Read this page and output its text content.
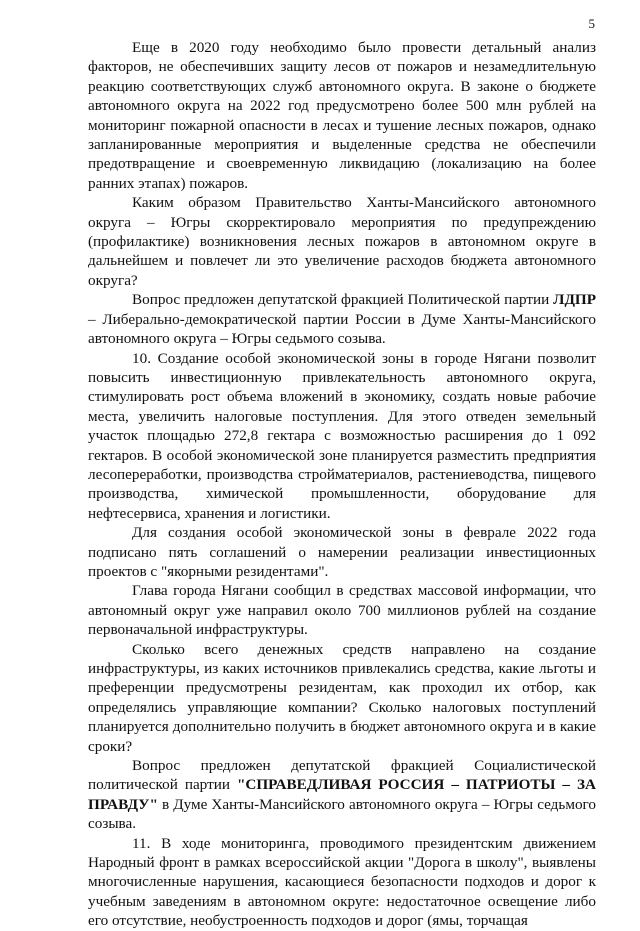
5

Еще в 2020 году необходимо было провести детальный анализ факторов, не обеспечивших защиту лесов от пожаров и незамедлительную реакцию соответствующих служб автономного округа. В законе о бюджете автономного округа на 2022 год предусмотрено более 500 млн рублей на мониторинг пожарной опасности в лесах и тушение лесных пожаров, однако запланированные мероприятия и выделенные средства не обеспечили предотвращение и своевременную ликвидацию (локализацию на более ранних этапах) пожаров.

Каким образом Правительство Ханты-Мансийского автономного округа – Югры скорректировало мероприятия по предупреждению (профилактике) возникновения лесных пожаров в автономном округе в дальнейшем и повлечет ли это увеличение расходов бюджета автономного округа?

Вопрос предложен депутатской фракцией Политической партии ЛДПР – Либерально-демократической партии России в Думе Ханты-Мансийского автономного округа – Югры седьмого созыва.

10. Создание особой экономической зоны в городе Нягани позволит повысить инвестиционную привлекательность автономного округа, стимулировать рост объема вложений в экономику, создать новые рабочие места, увеличить налоговые поступления. Для этого отведен земельный участок площадью 272,8 гектара с возможностью расширения до 1 092 гектаров. В особой экономической зоне планируется разместить предприятия лесопереработки, производства стройматериалов, растениеводства, пищевого производства, химической промышленности, оборудование для нефтесервиса, хранения и логистики.

Для создания особой экономической зоны в феврале 2022 года подписано пять соглашений о намерении реализации инвестиционных проектов с "якорными резидентами".

Глава города Нягани сообщил в средствах массовой информации, что автономный округ уже направил около 700 миллионов рублей на создание первоначальной инфраструктуры.

Сколько всего денежных средств направлено на создание инфраструктуры, из каких источников привлекались средства, какие льготы и преференции предусмотрены резидентам, как проходил их отбор, как определялись управляющие компании? Сколько налоговых поступлений планируется дополнительно получить в бюджет автономного округа и в какие сроки?

Вопрос предложен депутатской фракцией Социалистической политической партии "СПРАВЕДЛИВАЯ РОССИЯ – ПАТРИОТЫ – ЗА ПРАВДУ" в Думе Ханты-Мансийского автономного округа – Югры седьмого созыва.

11. В ходе мониторинга, проводимого президентским движением Народный фронт в рамках всероссийской акции "Дорога в школу", выявлены многочисленные нарушения, касающиеся безопасности подходов и дорог к учебным заведениям в автономном округе: недостаточное освещение либо его отсутствие, необустроенность подходов и дорог (ямы, торчащая
